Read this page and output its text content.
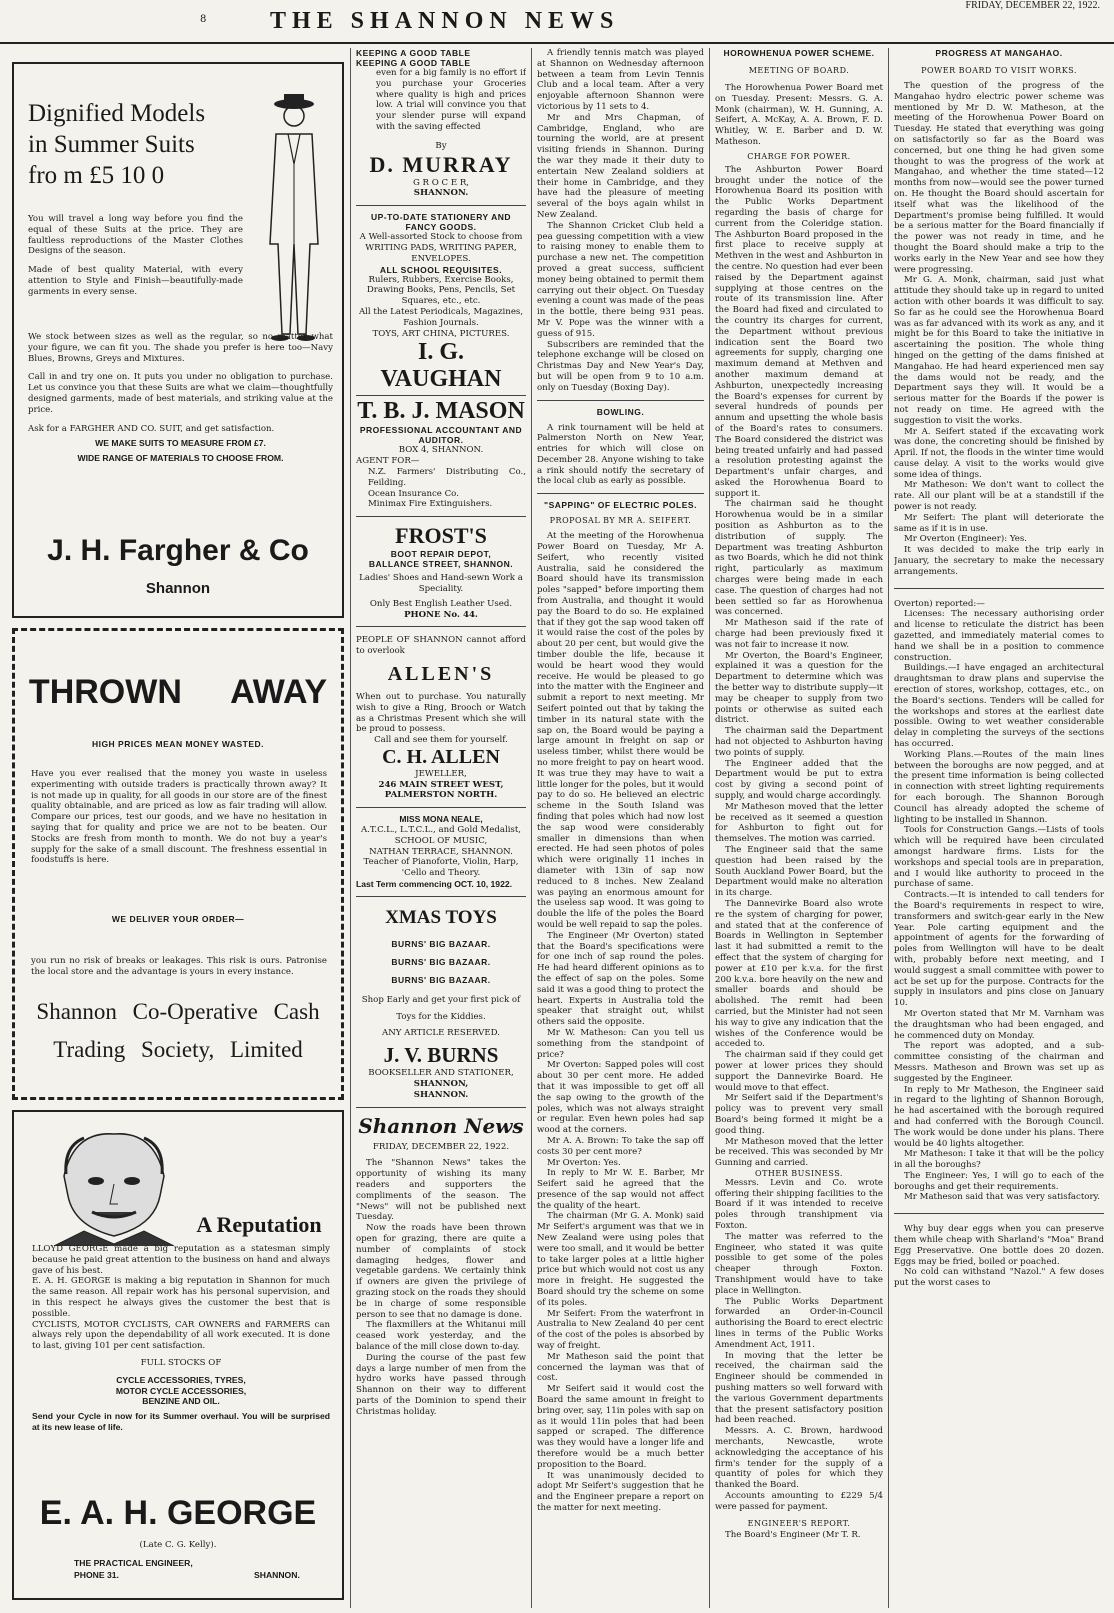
8	THE SHANNON NEWS
FRIDAY, DECEMBER 22, 1922.
Dignified Models
in Summer Suits
fro m £5 10 0

You will travel a long way before you find the equal of these Suits at the price. They are faultless reproductions of the Master Clothes Designs of the season.

Made of best quality Material, with every attention to Style and Finish—beautifully-made garments in every sense.

We stock between sizes as well as the regular, so no matter what your figure, we can fit you. The shade you prefer is here too—Navy Blues, Browns, Greys and Mixtures.

Call in and try one on. It puts you under no obligation to purchase. Let us convince you that these Suits are what we claim—thoughtfully designed garments, made of best materials, and striking value at the price.

Ask for a FARGHER AND CO. SUIT, and get satisfaction.

WE MAKE SUITS TO MEASURE FROM £7.

WIDE RANGE OF MATERIALS TO CHOOSE FROM.

J. H. Fargher & Co
Shannon
THROWN AWAY
HIGH PRICES MEAN MONEY WASTED.

Have you ever realised that the money you waste in useless experimenting with outside traders is practically thrown away? It is not made up in quality, for all goods in our store are of the finest quality obtainable, and are priced as low as fair trading will allow. Compare our prices, test our goods, and we have no hesitation in saying that for quality and price we are not to be beaten. Our Stocks are fresh from month to month. We do not buy a year's supply for the sake of a small discount. The freshness essential in foodstuffs is here.

WE DELIVER YOUR ORDER—

you run no risk of breaks or leakages. This risk is ours. Patronise the local store and the advantage is yours in every instance.

Shannon Co-Operative Cash
Trading Society, Limited
A Reputation

LLOYD GEORGE made a big reputation as a statesman simply because he paid great attention to the business on hand and always gave of his best.

E. A. H. GEORGE is making a big reputation in Shannon for much the same reason. All repair work has his personal supervision, and in this respect he always gives the customer the best that is possible.

CYCLISTS, MOTOR CYCLISTS, CAR OWNERS and FARMERS can always rely upon the dependability of all work executed. It is done to last, giving 101 per cent satisfaction.

FULL STOCKS OF

CYCLE ACCESSORIES, TYRES,

MOTOR CYCLE ACCESSORIES,

BENZINE AND OIL.

Send your Cycle in now for its Summer overhaul. You will be surprised at its new lease of life.

E. A. H. GEORGE
(Late C. G. Kelly).
THE PRACTICAL ENGINEER,
PHONE 31.	SHANNON.
KEEPING A GOOD TABLE
KEEPING A GOOD TABLE

even for a big family is no effort if you purchase your Groceries where quality is high and prices low. A trial will convince you that your slender purse will expand with the saving effected

By

D. MURRAY

G R O C E R,

SHANNON.

UP-TO-DATE STATIONERY AND FANCY GOODS.

A Well-assorted Stock to choose from WRITING PADS, WRITING PAPER, ENVELOPES.

ALL SCHOOL REQUISITES.

Rulers, Rubbers, Exercise Books, Drawing Books, Pens, Pencils, Set Squares, etc., etc.

All the Latest Periodicals, Magazines, Fashion Journals.

TOYS, ART CHINA, PICTURES.

I. G. VAUGHAN
T. B. J. MASON
PROFESSIONAL ACCOUNTANT AND AUDITOR.

BOX 4, SHANNON.

AGENT FOR—

N.Z. Farmers' Distributing Co., Feilding.

Ocean Insurance Co.

Minimax Fire Extinguishers.

FROST'S
BOOT REPAIR DEPOT,
BALLANCE STREET, SHANNON.

Ladies' Shoes and Hand-sewn Work a Speciality.

Only Best English Leather Used.

PHONE No. 44.

PEOPLE OF SHANNON cannot afford to overlook

ALLEN'S

When out to purchase. You naturally wish to give a Ring, Brooch or Watch as a Christmas Present which she will be proud to possess.

Call and see them for yourself.

C. H. ALLEN

JEWELLER,

246 MAIN STREET WEST,

PALMERSTON NORTH.

MISS MONA NEALE,

A.T.C.L., L.T.C.L., and Gold Medalist,

SCHOOL OF MUSIC,

NATHAN TERRACE, SHANNON.

Teacher of Pianoforte, Violin, Harp, 'Cello and Theory.

Last Term commencing OCT. 10, 1922.

XMAS TOYS
BURNS' BIG BAZAAR.
BURNS' BIG BAZAAR.
BURNS' BIG BAZAAR.

Shop Early and get your first pick of

Toys for the Kiddies.

ANY ARTICLE RESERVED.

J. V. BURNS

BOOKSELLER AND STATIONER,

SHANNON,

SHANNON.

Shannon News

FRIDAY, DECEMBER 22, 1922.

The "Shannon News" takes the opportunity of wishing its many readers and supporters the compliments of the season. The "News" will not be published next Tuesday.

Now the roads have been thrown open for grazing, there are quite a number of complaints of stock damaging hedges, flower and vegetable gardens. We certainly think if owners are given the privilege of grazing stock on the roads they should be in charge of some responsible person to see that no damage is done.

The flaxmillers at the Whitanui mill ceased work yesterday, and the balance of the mill close down to-day.

During the course of the past few days a large number of men from the hydro works have passed through Shannon on their way to different parts of the Dominion to spend their Christmas holiday.

A friendly tennis match was played at Shannon on Wednesday afternoon between a team from Levin Tennis Club and a local team. After a very enjoyable afternoon Shannon were victorious by 11 sets to 4.

Mr and Mrs Chapman, of Cambridge, England, who are tourning the world, are at present visiting friends in Shannon. During the war they made it their duty to entertain New Zealand soldiers at their home in Cambridge, and they have had the pleasure of meeting several of the boys again whilst in New Zealand.

The Shannon Cricket Club held a pea guessing competition with a view to raising money to enable them to purchase a new net. The competition proved a great success, sufficient money being obtained to permit them carrying out their object. On Tuesday evening a count was made of the peas in the bottle, there being 931 peas. Mr V. Pope was the winner with a guess of 915.

Subscribers are reminded that the telephone exchange will be closed on Christmas Day and New Year's Day, but will be open from 9 to 10 a.m. only on Tuesday (Boxing Day).

BOWLING.

A rink tournament will be held at Palmerston North on New Year, entries for which will close on December 28. Anyone wishing to take a rink should notify the secretary of the local club as early as possible.

"SAPPING" OF ELECTRIC POLES.
PROPOSAL BY MR A. SEIFERT.

At the meeting of the Horowhenua Power Board on Tuesday, Mr A. Seifert, who recently visited Australia, said he considered the Board should have its transmission poles "sapped" before importing them from Australia, and thought it would pay the Board to do so. He explained that if they got the sap wood taken off it would raise the cost of the poles by about 20 per cent, but would give the timber double the life, because it would be heart wood they would receive. He would be pleased to go into the matter with the Engineer and submit a report to next meeting. Mr Seifert pointed out that by taking the timber in its natural state with the sap on, the Board would be paying a large amount in freight on sap or useless timber, whilst there would be no more freight to pay on heart wood. It was true they may have to wait a little longer for the poles, but it would pay to do so. He believed an electric scheme in the South Island was finding that poles which had now lost the sap wood were considerably smaller in dimensions than when erected. He had seen photos of poles which were originally 11 inches in diameter with 13in of sap now reduced to 8 inches. New Zealand was paying an enormous amount for the useless sap wood. It was going to double the life of the poles the Board would be well repaid to sap the poles.

The Engineer (Mr Overton) stated that the Board's specifications were for one inch of sap round the poles. He had heard different opinions as to the effect of sap on the poles. Some said it was a good thing to protect the heart. Experts in Australia told the speaker that straight out, whilst others said the opposite.

Mr W. Matheson: Can you tell us something from the standpoint of price?

Mr Overton: Sapped poles will cost about 30 per cent more. He added that it was impossible to get off all the sap owing to the growth of the poles, which was not always straight or regular. Even hewn poles had sap wood at the corners.

Mr A. A. Brown: To take the sap off costs 30 per cent more?

Mr Overton: Yes.

In reply to Mr W. E. Barber, Mr Seifert said he agreed that the presence of the sap would not affect the quality of the heart.

The chairman (Mr G. A. Monk) said Mr Seifert's argument was that we in New Zealand were using poles that were too small, and it would be better to take larger poles at a little higher price but which would not cost us any more in freight. He suggested the Board should try the scheme on some of its poles.

Mr Seifert: From the waterfront in Australia to New Zealand 40 per cent of the cost of the poles is absorbed by way of freight.

Mr Matheson said the point that concerned the layman was that of cost.

Mr Seifert said it would cost the Board the same amount in freight to bring over, say, 11in poles with sap on as it would 11in poles that had been sapped or scraped. The difference was they would have a longer life and therefore would be a much better proposition to the Board.

It was unanimously decided to adopt Mr Seifert's suggestion that he and the Engineer prepare a report on the matter for next meeting.

HOROWHENUA POWER SCHEME.
MEETING OF BOARD.

The Horowhenua Power Board met on Tuesday. Present: Messrs. G. A. Monk (chairman), W. H. Gunning, A. Seifert, A. McKay, A. A. Brown, F. D. Whitley, W. E. Barber and D. W. Matheson.

CHARGE FOR POWER.

The Ashburton Power Board brought under the notice of the Horowhenua Board its position with the Public Works Department regarding the basis of charge for current from the Coleridge station. The Ashburton Board proposed in the first place to receive supply at Methven in the west and Ashburton in the centre. No question had ever been raised by the Department against supplying at those centres on the route of its transmission line. After the Board had fixed and circulated to the country its charges for current, the Department without previous indication sent the Board two agreements for supply, charging one maximum demand at Methven and another maximum demand at Ashburton, unexpectedly increasing the Board's expenses for current by several hundreds of pounds per annum and upsetting the whole basis of the Board's rates to consumers. The Board considered the district was being treated unfairly and had passed a resolution protesting against the Department's unfair charges, and asked the Horowhenua Board to support it.

The chairman said he thought Horowhenua would be in a similar position as Ashburton as to the distribution of supply. The Department was treating Ashburton as two Boards, which he did not think right, particularly as maximum charges were being made in each case. The question of charges had not been settled so far as Horowhenua was concerned.

Mr Matheson said if the rate of charge had been previously fixed it was not fair to increase it now.

Mr Overton, the Board's Engineer, explained it was a question for the Department to determine which was the better way to distribute supply—it may be cheaper to supply from two points or otherwise as suited each district.

The chairman said the Department had not objected to Ashburton having two points of supply.

The Engineer added that the Department would be put to extra cost by giving a second point of supply, and would charge accordingly.

Mr Matheson moved that the letter be received as it seemed a question for Ashburton to fight out for themselves. The motion was carried.

The Engineer said that the same question had been raised by the South Auckland Power Board, but the Department would make no alteration in its charge.

The Dannevirke Board also wrote re the system of charging for power, and stated that at the conference of Boards in Wellington in September last it had submitted a remit to the effect that the system of charging for power at £10 per k.v.a. for the first 200 k.v.a. bore heavily on the new and smaller boards and should be abolished. The remit had been carried, but the Minister had not seen his way to give any indication that the wishes of the Conference would be acceded to.

The chairman said if they could get power at lower prices they should support the Dannevirke Board. He would move to that effect.

Mr Seifert said if the Department's policy was to prevent very small Board's being formed it might be a good thing.

Mr Matheson moved that the letter be received. This was seconded by Mr Gunning and carried.

OTHER BUSINESS.

Messrs. Levin and Co. wrote offering their shipping facilities to the Board if it was intended to receive poles through transhipment via Foxton.

The matter was referred to the Engineer, who stated it was quite possible to get some of the poles cheaper through Foxton. Transhipment would have to take place in Wellington.

The Public Works Department forwarded an Order-in-Council authorising the Board to erect electric lines in terms of the Public Works Amendment Act, 1911.

In moving that the letter be received, the chairman said the Engineer should be commended in pushing matters so well forward with the various Government departments that the present satisfactory position had been reached.

Messrs. A. C. Brown, hardwood merchants, Newcastle, wrote acknowledging the acceptance of his firm's tender for the supply of a quantity of poles for which they thanked the Board.

Accounts amounting to £229 5/4 were passed for payment.

ENGINEER'S REPORT.

The Board's Engineer (Mr T. R.

PROGRESS AT MANGAHAO.
POWER BOARD TO VISIT WORKS.

The question of the progress of the Mangahao hydro electric power scheme was mentioned by Mr D. W. Matheson, at the meeting of the Horowhenua Power Board on Tuesday. He stated that everything was going on satisfactorily so far as the Board was concerned, but one thing he had given some thought to was the progress of the work at Mangahao, and whether the time stated—12 months from now—would see the power turned on. He thought the Board should ascertain for itself what was the likelihood of the Department's promise being fulfilled. It would be a serious matter for the Board financially if the power was not ready in time, and he thought the Board should make a trip to the works early in the New Year and see how they were progressing.

Mr G. A. Monk, chairman, said just what attitude they should take up in regard to united action with other boards it was difficult to say. So far as he could see the Horowhenua Board was as far advanced with its work as any, and it might be for this Board to take the initiative in ascertaining the position. The whole thing hinged on the getting of the dams finished at Mangahao. He had heard experienced men say the dams would not be ready, and the Department says they will. It would be a serious matter for the Boards if the power is not ready on time. He agreed with the suggestion to visit the works.

Mr A. Seifert stated if the excavating work was done, the concreting should be finished by April. If not, the floods in the winter time would cause delay. A visit to the works would give some idea of things.

Mr Matheson: We don't want to collect the rate. All our plant will be at a standstill if the power is not ready.

Mr Seifert: The plant will deteriorate the same as if it is in use.

Mr Overton (Engineer): Yes.

It was decided to make the trip early in January, the secretary to make the necessary arrangements.

Overton) reported:—

Licenses: The necessary authorising order and license to reticulate the district has been gazetted, and immediately material comes to hand we shall be in a position to commence construction.

Buildings.—I have engaged an architectural draughtsman to draw plans and supervise the erection of stores, workshop, cottages, etc., on the Board's sections. Tenders will be called for the workshops and stores at the earliest date possible. Owing to wet weather considerable delay in completing the surveys of the sections has occurred.

Working Plans.—Routes of the main lines between the boroughs are now pegged, and at the present time information is being collected in connection with street lighting requirements for each borough. The Shannon Borough Council has already adopted the scheme of lighting to be installed in Shannon.

Tools for Construction Gangs.—Lists of tools which will be required have been circulated amongst hardware firms. Lists for the workshops and special tools are in preparation, and I would like authority to proceed in the purchase of same.

Contracts.—It is intended to call tenders for the Board's requirements in respect to wire, transformers and switch-gear early in the New Year. Pole carting equipment and the appointment of agents for the forwarding of poles from Wellington will have to be dealt with, probably before next meeting, and I would suggest a small committee with power to act be set up for the purpose. Contracts for the supply in insulators and pins close on January 10.

Mr Overton stated that Mr M. Varnham was the draughtsman who had been engaged, and he commenced duty on Monday.

The report was adopted, and a sub-committee consisting of the chairman and Messrs. Matheson and Brown was set up as suggested by the Engineer.

In reply to Mr Matheson, the Engineer said in regard to the lighting of Shannon Borough, he had ascertained with the borough required and had conferred with the Borough Council. The work would be done under his plans. There would be 40 lights altogether.

Mr Matheson: I take it that will be the policy in all the boroughs?

The Engineer: Yes, I will go to each of the boroughs and get their requirements.

Mr Matheson said that was very satisfactory.

Why buy dear eggs when you can preserve them while cheap with Sharland's "Moa" Brand Egg Preservative. One bottle does 20 dozen. Eggs may be fried, boiled or poached.

No cold can withstand "Nazol." A few doses put the worst cases to
